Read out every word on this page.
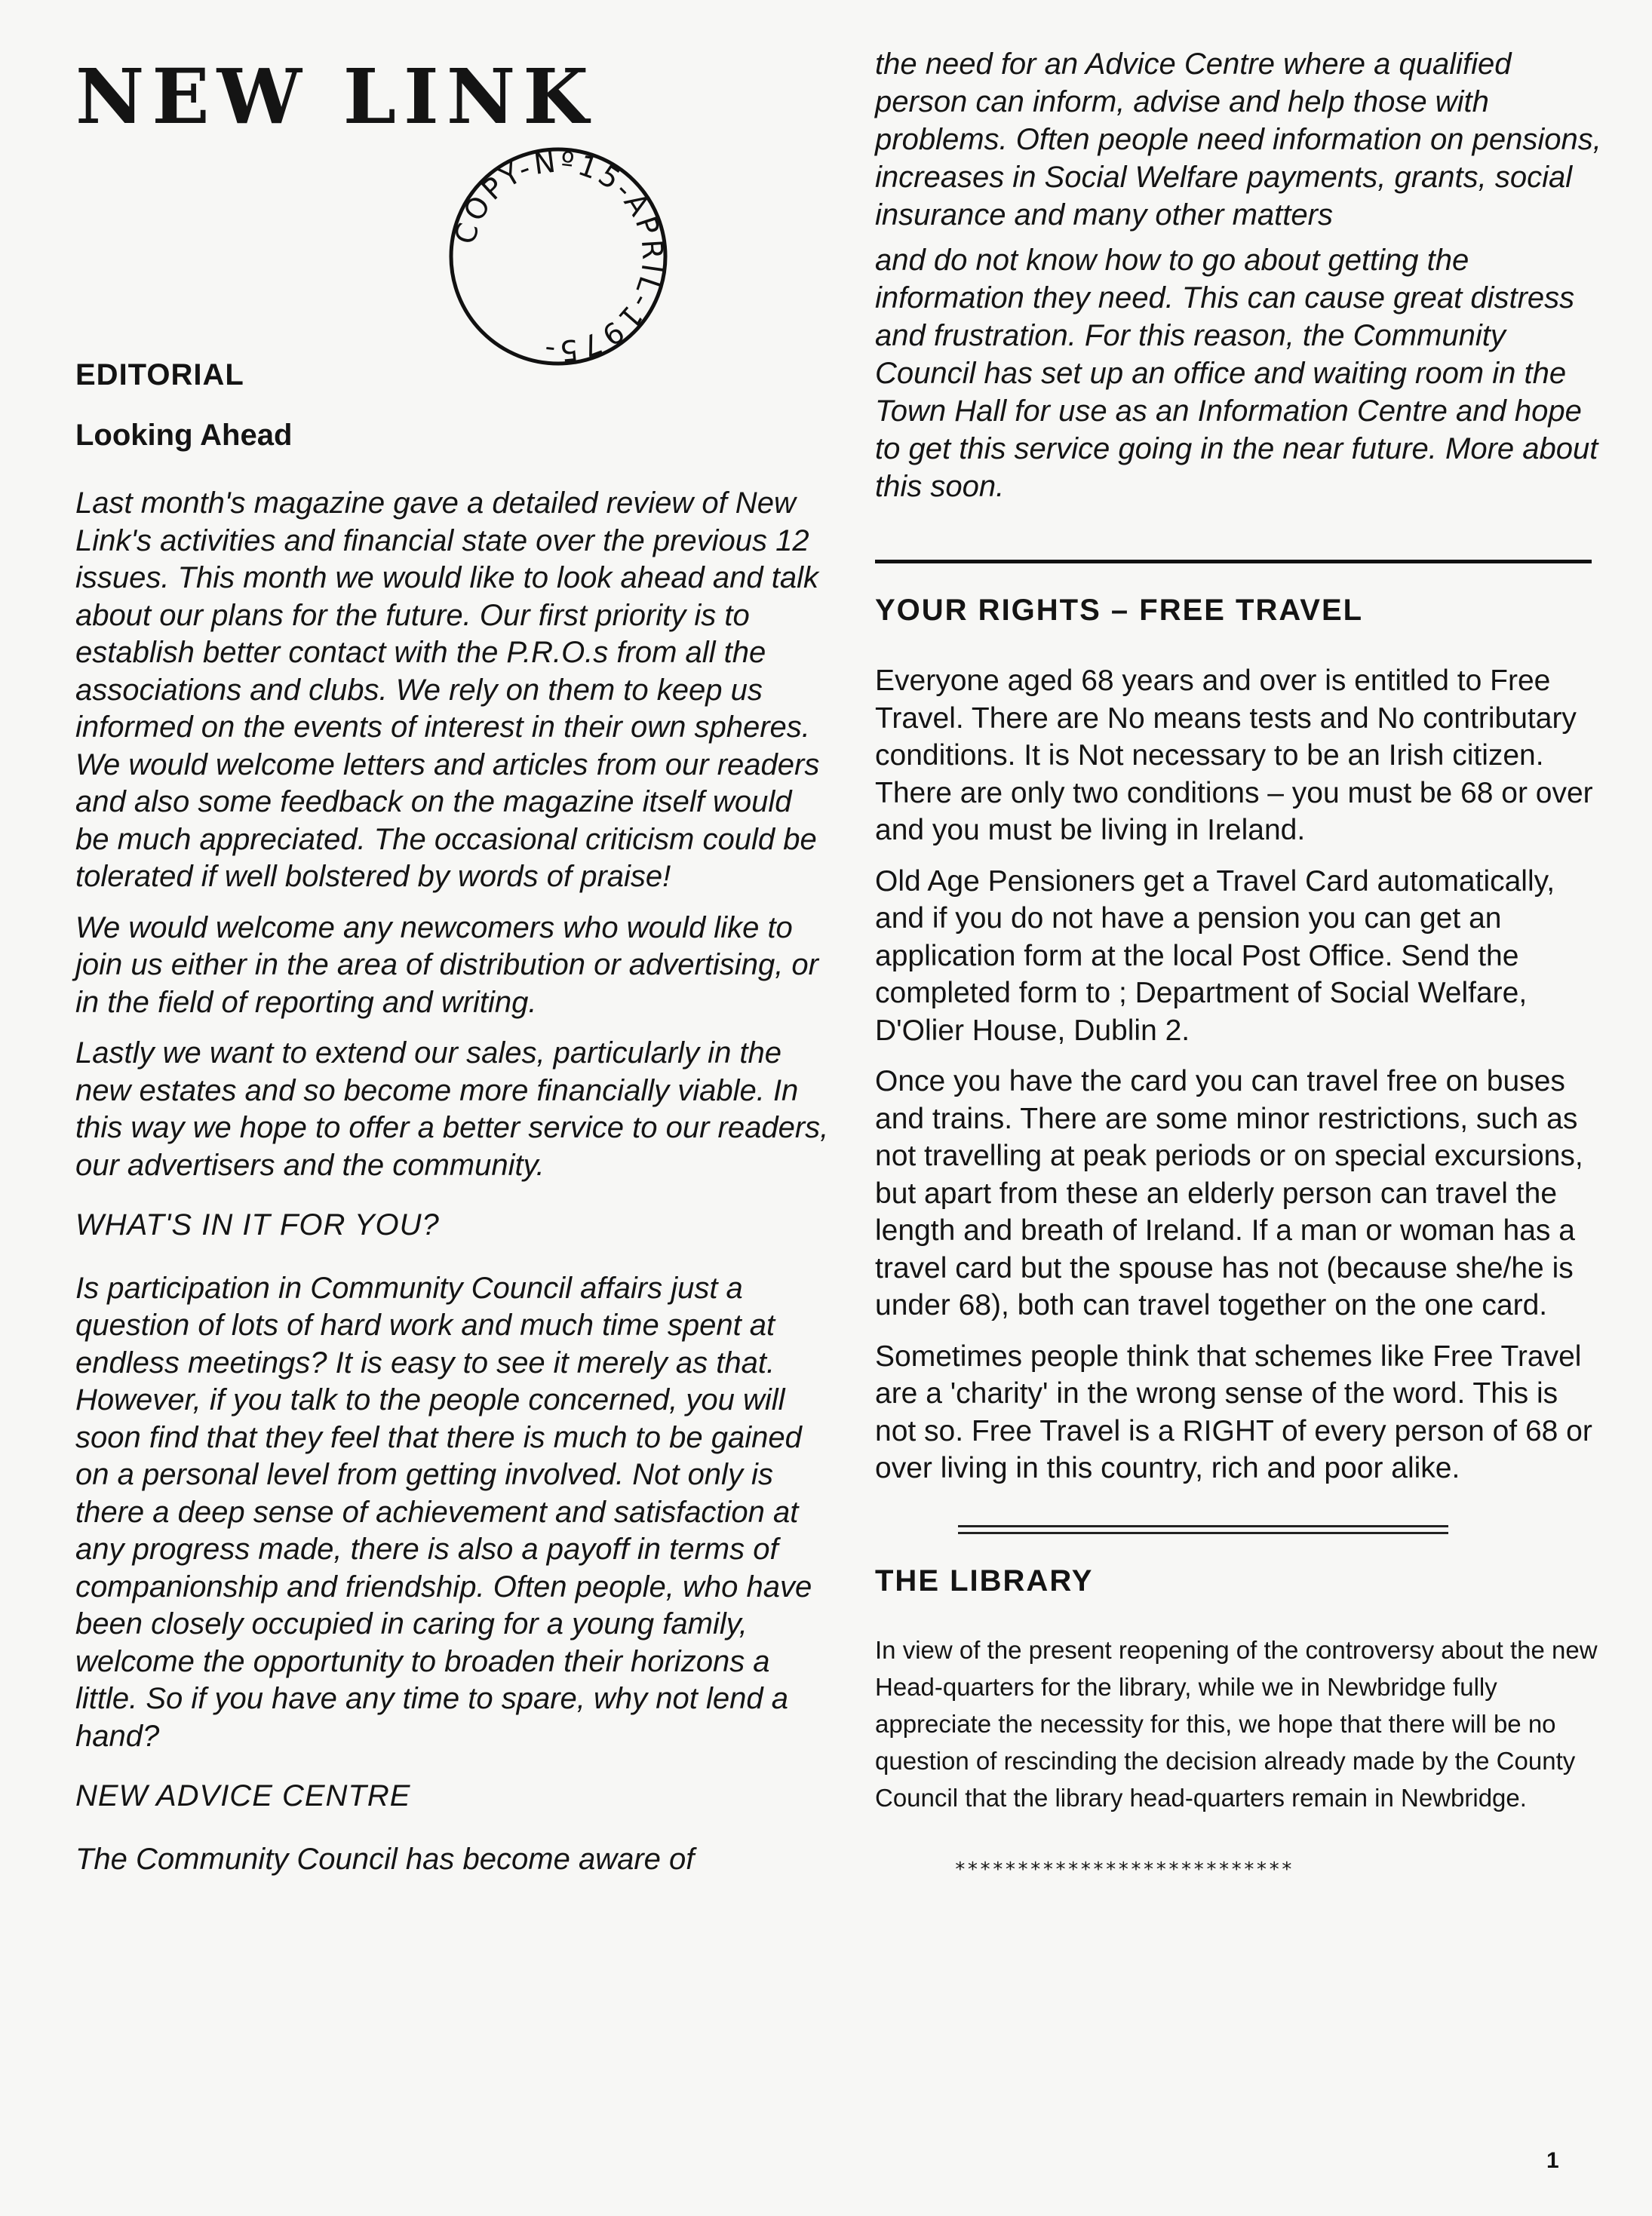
NEW LINK
COPY-Nº15-APRIL-1975-
EDITORIAL
Looking Ahead

Last month's magazine gave a detailed review of New Link's activities and financial state over the previous 12 issues. This month we would like to look ahead and talk about our plans for the future. Our first priority is to establish better contact with the P.R.O.s from all the associations and clubs. We rely on them to keep us informed on the events of interest in their own spheres. We would welcome letters and articles from our readers and also some feedback on the magazine itself would be much appreciated. The occasional criticism could be tolerated if well bolstered by words of praise!

We would welcome any newcomers who would like to join us either in the area of distribution or advertising, or in the field of reporting and writing.

Lastly we want to extend our sales, particularly in the new estates and so become more financially viable. In this way we hope to offer a better service to our readers, our advertisers and the community.

WHAT'S IN IT FOR YOU?

Is participation in Community Council affairs just a question of lots of hard work and much time spent at endless meetings? It is easy to see it merely as that. However, if you talk to the people concerned, you will soon find that they feel that there is much to be gained on a personal level from getting involved. Not only is there a deep sense of achievement and satisfaction at any progress made, there is also a payoff in terms of companionship and friendship. Often people, who have been closely occupied in caring for a young family, welcome the opportunity to broaden their horizons a little. So if you have any time to spare, why not lend a hand?

NEW ADVICE CENTRE

The Community Council has become aware of

the need for an Advice Centre where a qualified person can inform, advise and help those with problems. Often people need information on pensions, increases in Social Welfare payments, grants, social insurance and many other matters

and do not know how to go about getting the information they need. This can cause great distress and frustration. For this reason, the Community Council has set up an office and waiting room in the Town Hall for use as an Information Centre and hope to get this service going in the near future. More about this soon.

YOUR RIGHTS – FREE TRAVEL

Everyone aged 68 years and over is entitled to Free Travel. There are No means tests and No contributary conditions. It is Not necessary to be an Irish citizen. There are only two conditions – you must be 68 or over and you must be living in Ireland.

Old Age Pensioners get a Travel Card automatically, and if you do not have a pension you can get an application form at the local Post Office. Send the completed form to ; Department of Social Welfare, D'Olier House, Dublin 2.

Once you have the card you can travel free on buses and trains. There are some minor restrictions, such as not travelling at peak periods or on special excursions, but apart from these an elderly person can travel the length and breath of Ireland. If a man or woman has a travel card but the spouse has not (because she/he is under 68), both can travel together on the one card.

Sometimes people think that schemes like Free Travel are a 'charity' in the wrong sense of the word. This is not so. Free Travel is a RIGHT of every person of 68 or over living in this country, rich and poor alike.

THE LIBRARY

In view of the present reopening of the controversy about the new Head-quarters for the library, while we in Newbridge fully appreciate the necessity for this, we hope that there will be no question of rescinding the decision already made by the County Council that the library head-quarters remain in Newbridge.

***************************
1
